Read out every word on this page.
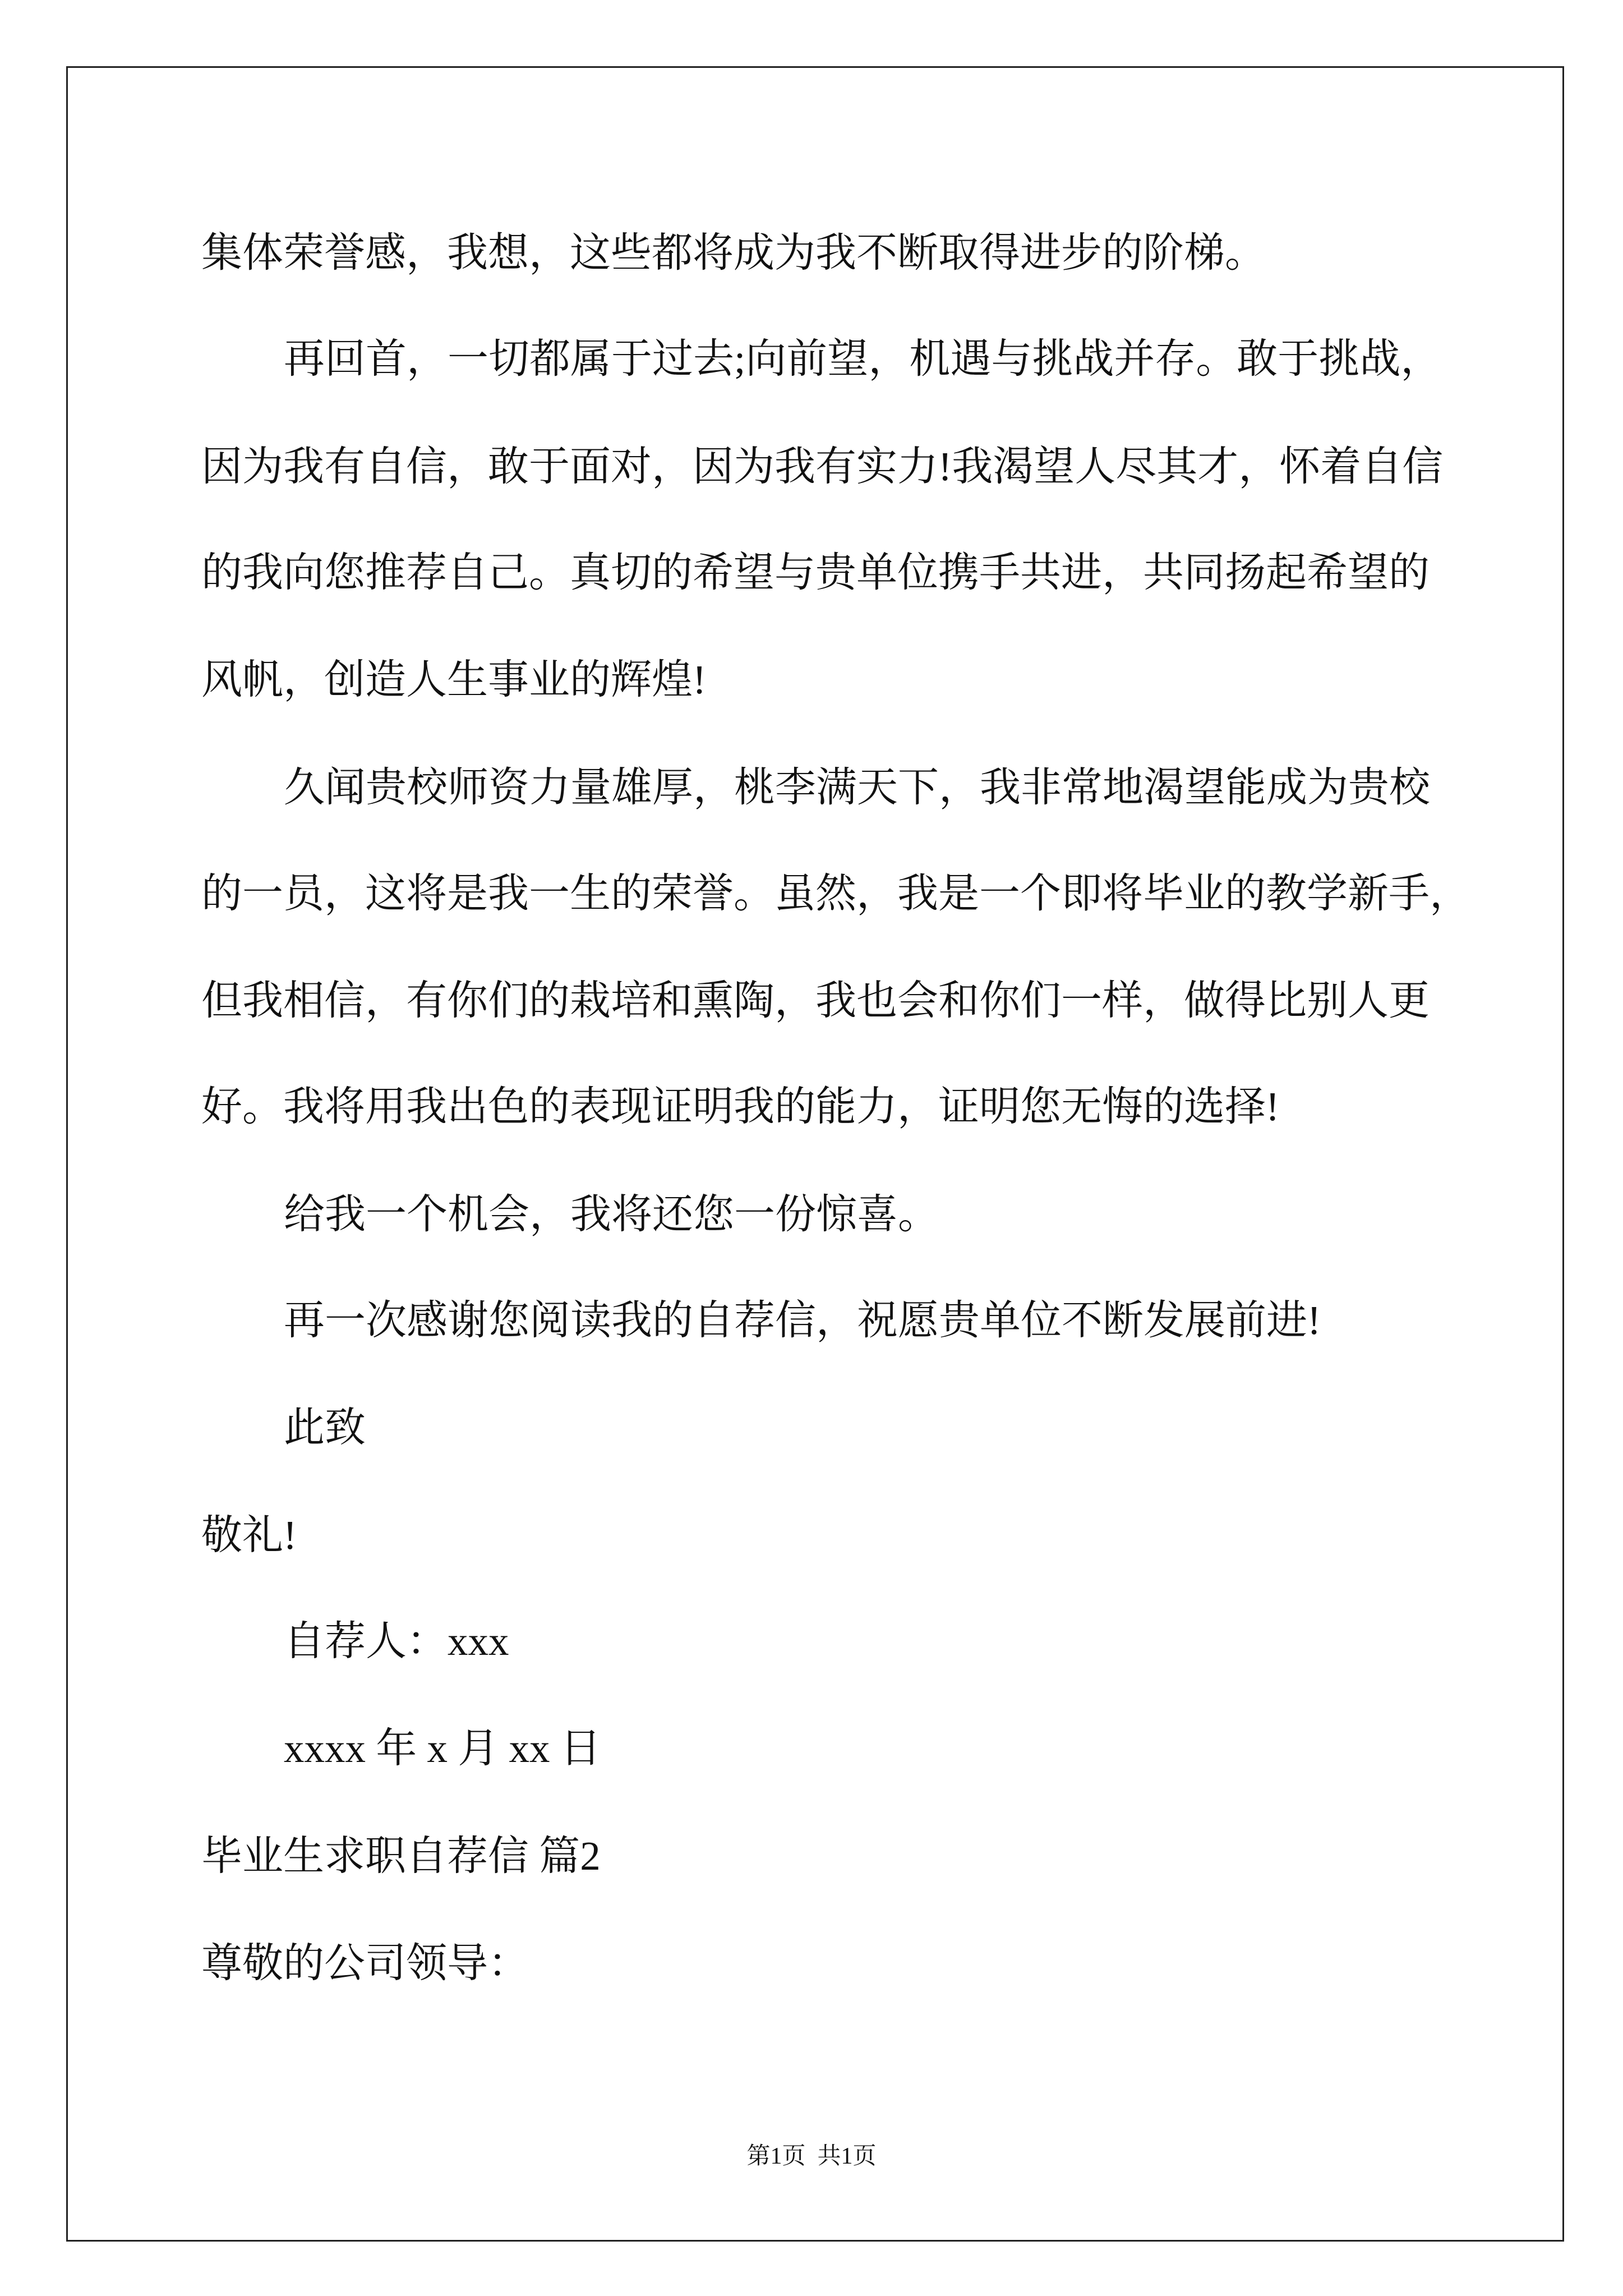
集体荣誉感，我想，这些都将成为我不断取得进步的阶梯。
再回首，一切都属于过去;向前望，机遇与挑战并存。敢于挑战，
因为我有自信，敢于面对，因为我有实力!我渴望人尽其才，怀着自信
的我向您推荐自己。真切的希望与贵单位携手共进，共同扬起希望的
风帆，创造人生事业的辉煌!
久闻贵校师资力量雄厚，桃李满天下，我非常地渴望能成为贵校
的一员，这将是我一生的荣誉。虽然，我是一个即将毕业的教学新手，
但我相信，有你们的栽培和熏陶，我也会和你们一样，做得比别人更
好。我将用我出色的表现证明我的能力，证明您无悔的选择!
给我一个机会，我将还您一份惊喜。
再一次感谢您阅读我的自荐信，祝愿贵单位不断发展前进!
此致
敬礼!
自荐人：xxx
xxxx 年 x 月 xx 日
毕业生求职自荐信 篇2
尊敬的公司领导：
第1页  共1页
